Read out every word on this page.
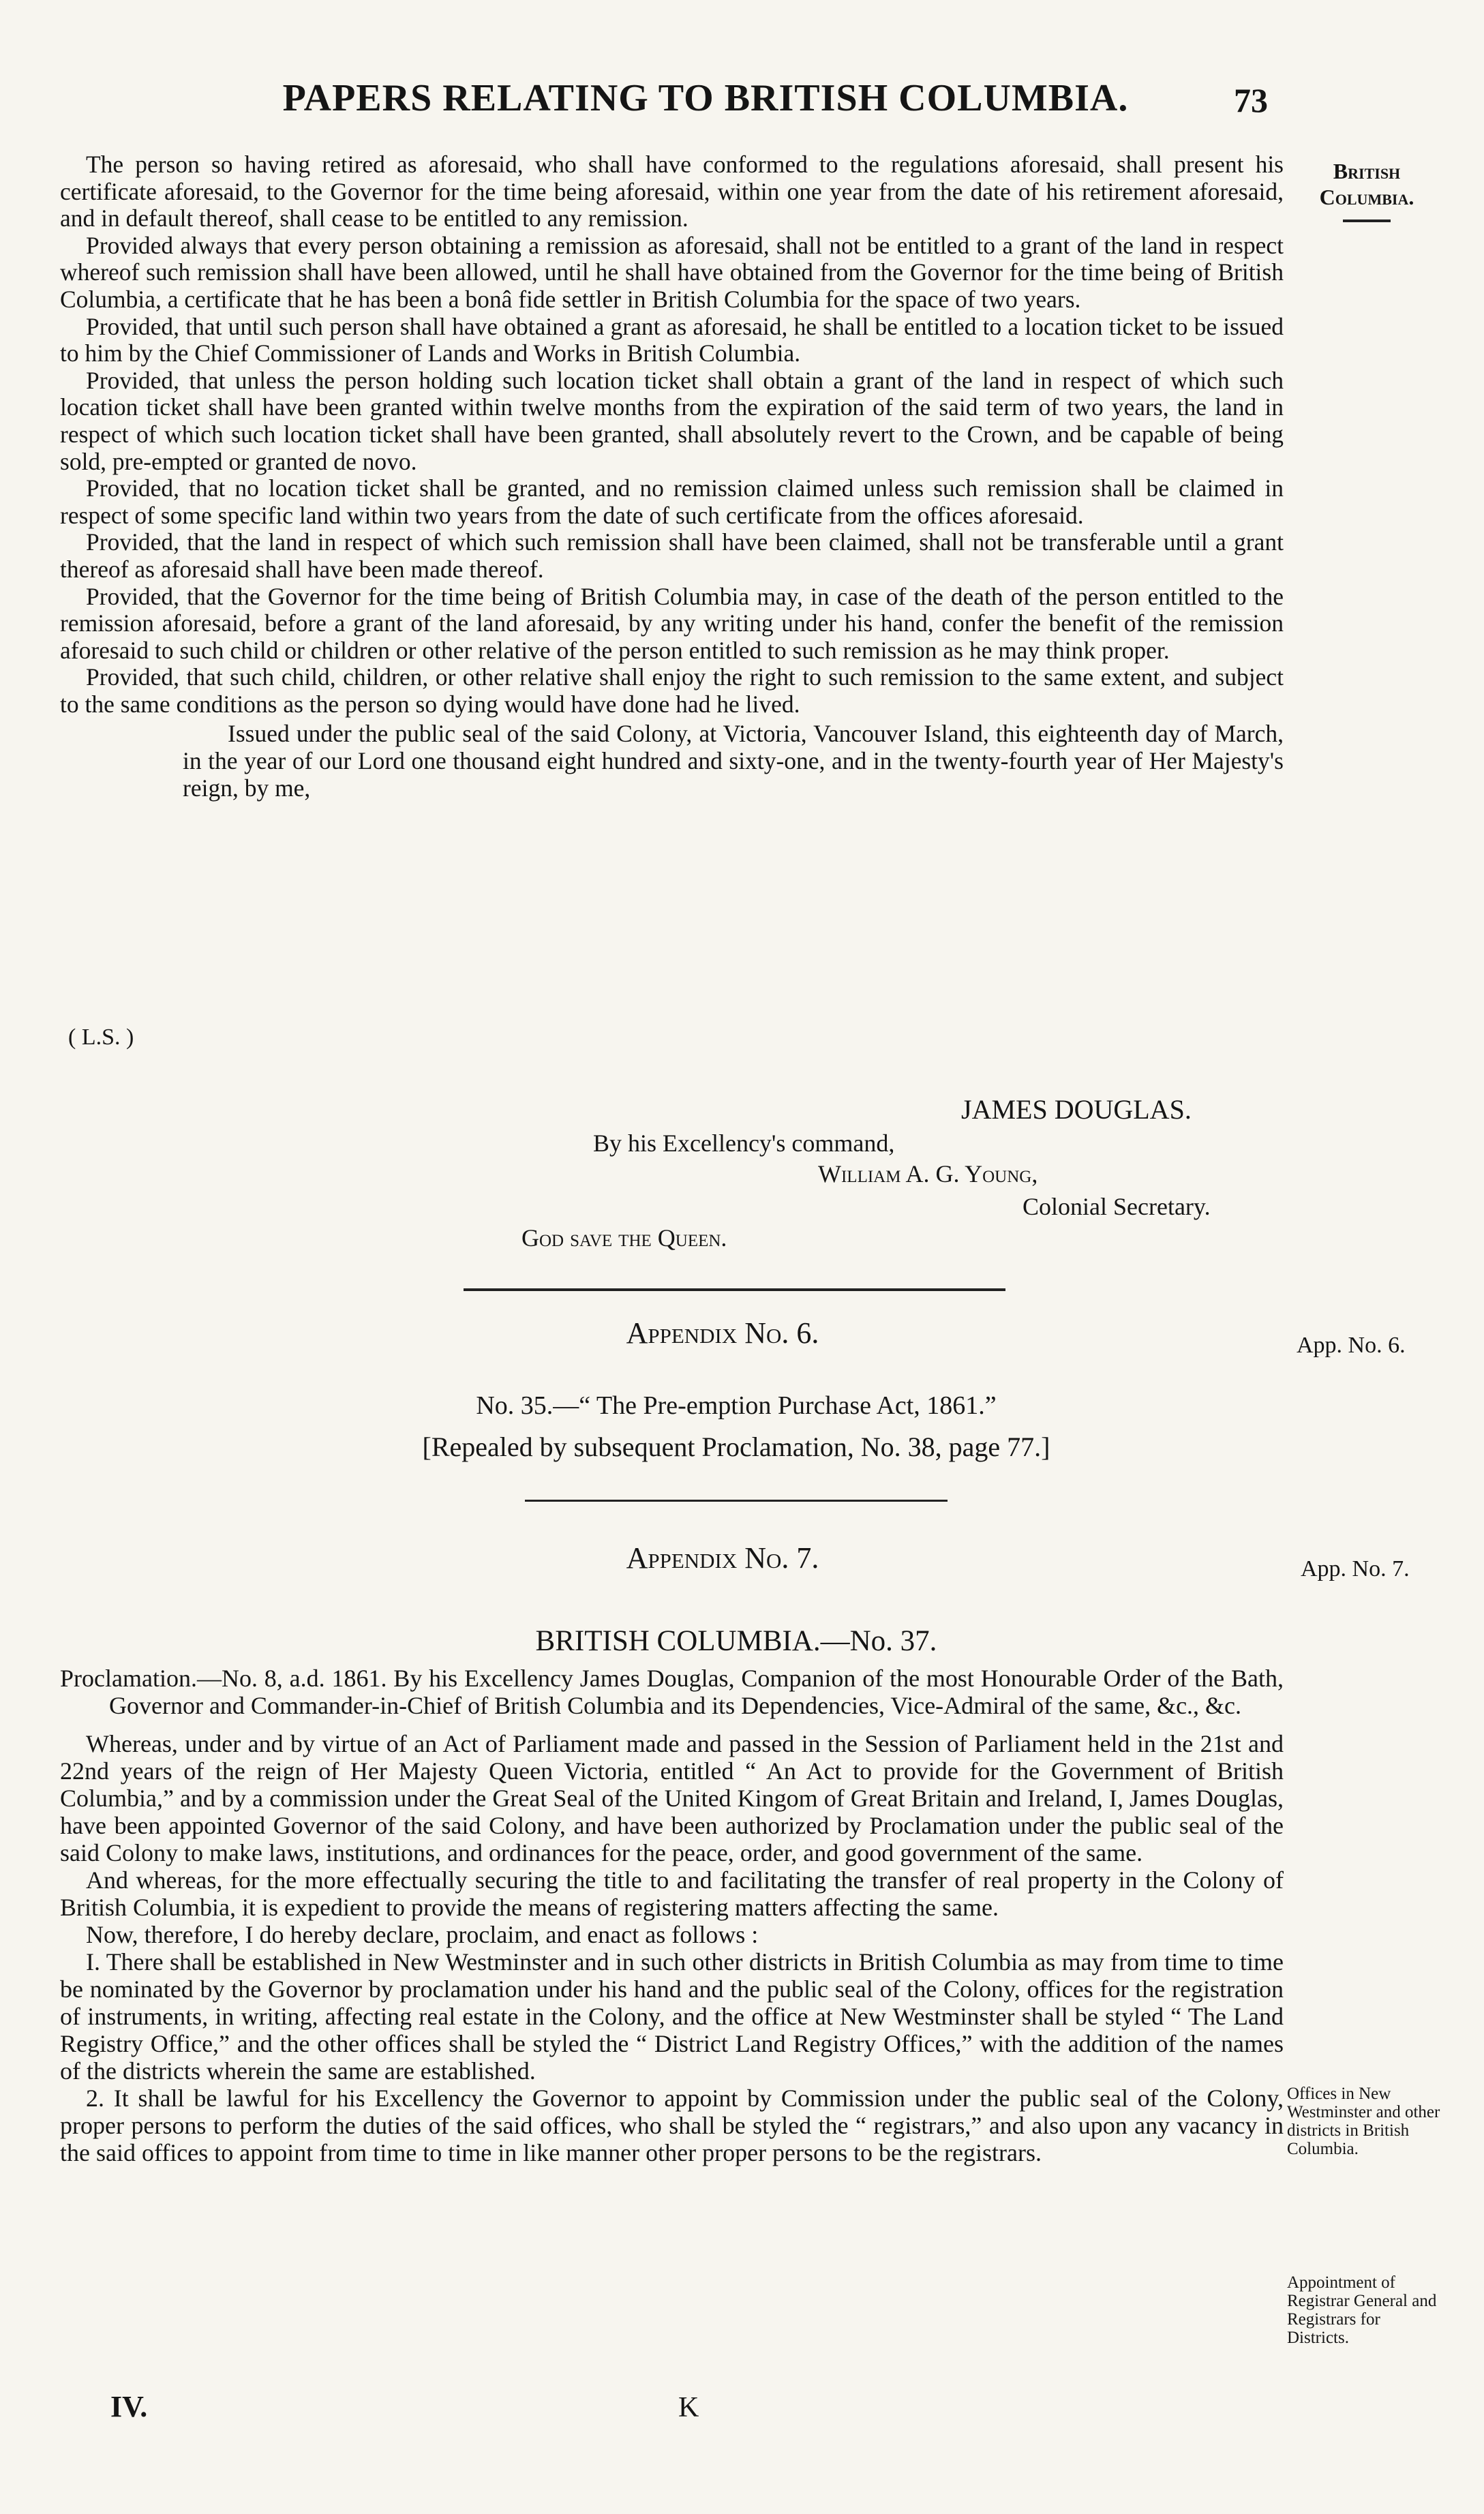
PAPERS RELATING TO BRITISH COLUMBIA.	73
British Columbia.

The person so having retired as aforesaid, who shall have conformed to the regulations aforesaid, shall present his certificate aforesaid, to the Governor for the time being aforesaid, within one year from the date of his retirement aforesaid, and in default thereof, shall cease to be entitled to any remission.

Provided always that every person obtaining a remission as aforesaid, shall not be entitled to a grant of the land in respect whereof such remission shall have been allowed, until he shall have obtained from the Governor for the time being of British Columbia, a certificate that he has been a bonâ fide settler in British Columbia for the space of two years.

Provided, that until such person shall have obtained a grant as aforesaid, he shall be entitled to a location ticket to be issued to him by the Chief Commissioner of Lands and Works in British Columbia.

Provided, that unless the person holding such location ticket shall obtain a grant of the land in respect of which such location ticket shall have been granted within twelve months from the expiration of the said term of two years, the land in respect of which such location ticket shall have been granted, shall absolutely revert to the Crown, and be capable of being sold, pre-empted or granted de novo.

Provided, that no location ticket shall be granted, and no remission claimed unless such remission shall be claimed in respect of some specific land within two years from the date of such certificate from the offices aforesaid.

Provided, that the land in respect of which such remission shall have been claimed, shall not be transferable until a grant thereof as aforesaid shall have been made thereof.

Provided, that the Governor for the time being of British Columbia may, in case of the death of the person entitled to the remission aforesaid, before a grant of the land aforesaid, by any writing under his hand, confer the benefit of the remission aforesaid to such child or children or other relative of the person entitled to such remission as he may think proper.

Provided, that such child, children, or other relative shall enjoy the right to such remission to the same extent, and subject to the same conditions as the person so dying would have done had he lived.

Issued under the public seal of the said Colony, at Victoria, Vancouver Island, this eighteenth day of March, in the year of our Lord one thousand eight hundred and sixty-one, and in the twenty-fourth year of Her Majesty's reign, by me,

( L.S. )
JAMES DOUGLAS.
By his Excellency's command,
William A. G. Young,
Colonial Secretary.
God save the Queen.
Appendix No. 6.	App. No. 6.
No. 35.—“ The Pre-emption Purchase Act, 1861.”
[Repealed by subsequent Proclamation, No. 38, page 77.]
Appendix No. 7.	App. No. 7.
BRITISH COLUMBIA.—No. 37.

Proclamation.—No. 8, a.d. 1861. By his Excellency James Douglas, Companion of the most Honourable Order of the Bath, Governor and Commander-in-Chief of British Columbia and its Dependencies, Vice-Admiral of the same, &c., &c.

Whereas, under and by virtue of an Act of Parliament made and passed in the Session of Parliament held in the 21st and 22nd years of the reign of Her Majesty Queen Victoria, entitled “ An Act to provide for the Government of British Columbia,” and by a commission under the Great Seal of the United Kingom of Great Britain and Ireland, I, James Douglas, have been appointed Governor of the said Colony, and have been authorized by Proclamation under the public seal of the said Colony to make laws, institutions, and ordinances for the peace, order, and good government of the same.

And whereas, for the more effectually securing the title to and facilitating the transfer of real property in the Colony of British Columbia, it is expedient to provide the means of registering matters affecting the same.

Now, therefore, I do hereby declare, proclaim, and enact as follows :

I. There shall be established in New Westminster and in such other districts in British Columbia as may from time to time be nominated by the Governor by proclamation under his hand and the public seal of the Colony, offices for the registration of instruments, in writing, affecting real estate in the Colony, and the office at New Westminster shall be styled “ The Land Registry Office,” and the other offices shall be styled the “ District Land Registry Offices,” with the addition of the names of the districts wherein the same are established.

2. It shall be lawful for his Excellency the Governor to appoint by Commission under the public seal of the Colony, proper persons to perform the duties of the said offices, who shall be styled the “ registrars,” and also upon any vacancy in the said offices to appoint from time to time in like manner other proper persons to be the registrars.

Offices in New Westminster and other districts in British Columbia.
Appointment of Registrar General and Registrars for Districts.
IV.	K
